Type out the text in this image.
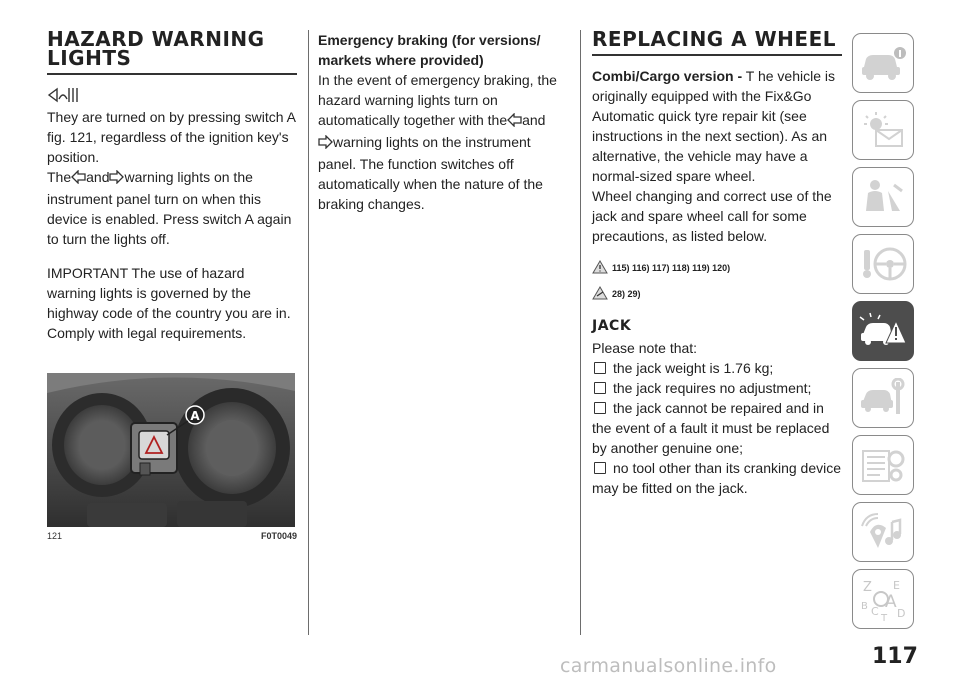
HAZARD WARNING LIGHTS

They are turned on by pressing switch A fig. 121, regardless of the ignition key's position.

The and warning lights on the instrument panel turn on when this device is enabled. Press switch A again to turn the lights off.

IMPORTANT The use of hazard warning lights is governed by the highway code of the country you are in. Comply with legal requirements.

A
121	F0T0049

Emergency braking (for versions/ markets where provided)

In the event of emergency braking, the hazard warning lights turn on automatically together with the and
warning lights on the instrument panel. The function switches off automatically when the nature of the braking changes.

REPLACING A WHEEL

Combi/Cargo version - T he vehicle is originally equipped with the Fix&Go Automatic quick tyre repair kit (see instructions in the next section). As an alternative, the vehicle may have a normal-sized spare wheel.

Wheel changing and correct use of the jack and spare wheel call for some precautions, as listed below.

115) 116) 117) 118) 119) 120)
28) 29)
JACK

Please note that:

the jack weight is 1.76 kg;
the jack requires no adjustment;
the jack cannot be repaired and in the event of a fault it must be replaced by another genuine one;
no tool other than its cranking device may be fitted on the jack.
Z E
B A
C D
T
117
carmanualsonline.info
